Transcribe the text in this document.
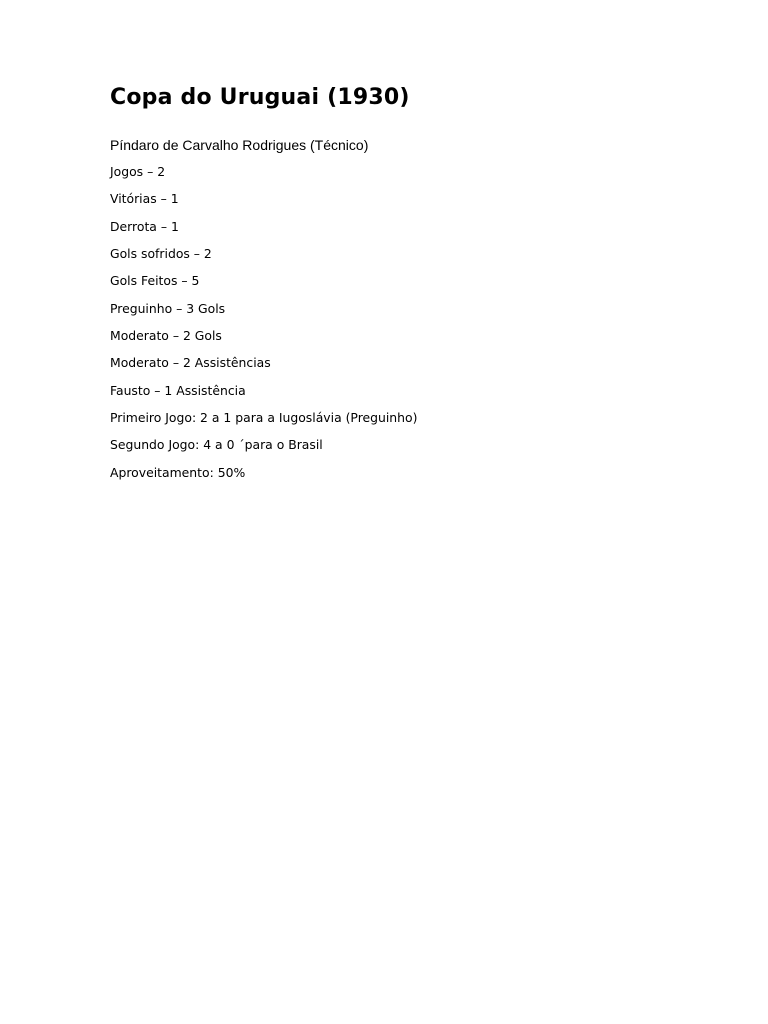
Copa do Uruguai (1930)

Píndaro de Carvalho Rodrigues (Técnico)

Jogos – 2
Vitórias – 1
Derrota – 1
Gols sofridos – 2
Gols Feitos – 5
Preguinho – 3 Gols
Moderato – 2 Gols
Moderato – 2 Assistências
Fausto – 1 Assistência
Primeiro Jogo: 2 a 1 para a Iugoslávia (Preguinho)
Segundo Jogo: 4 a 0 ´para o Brasil
Aproveitamento: 50%
